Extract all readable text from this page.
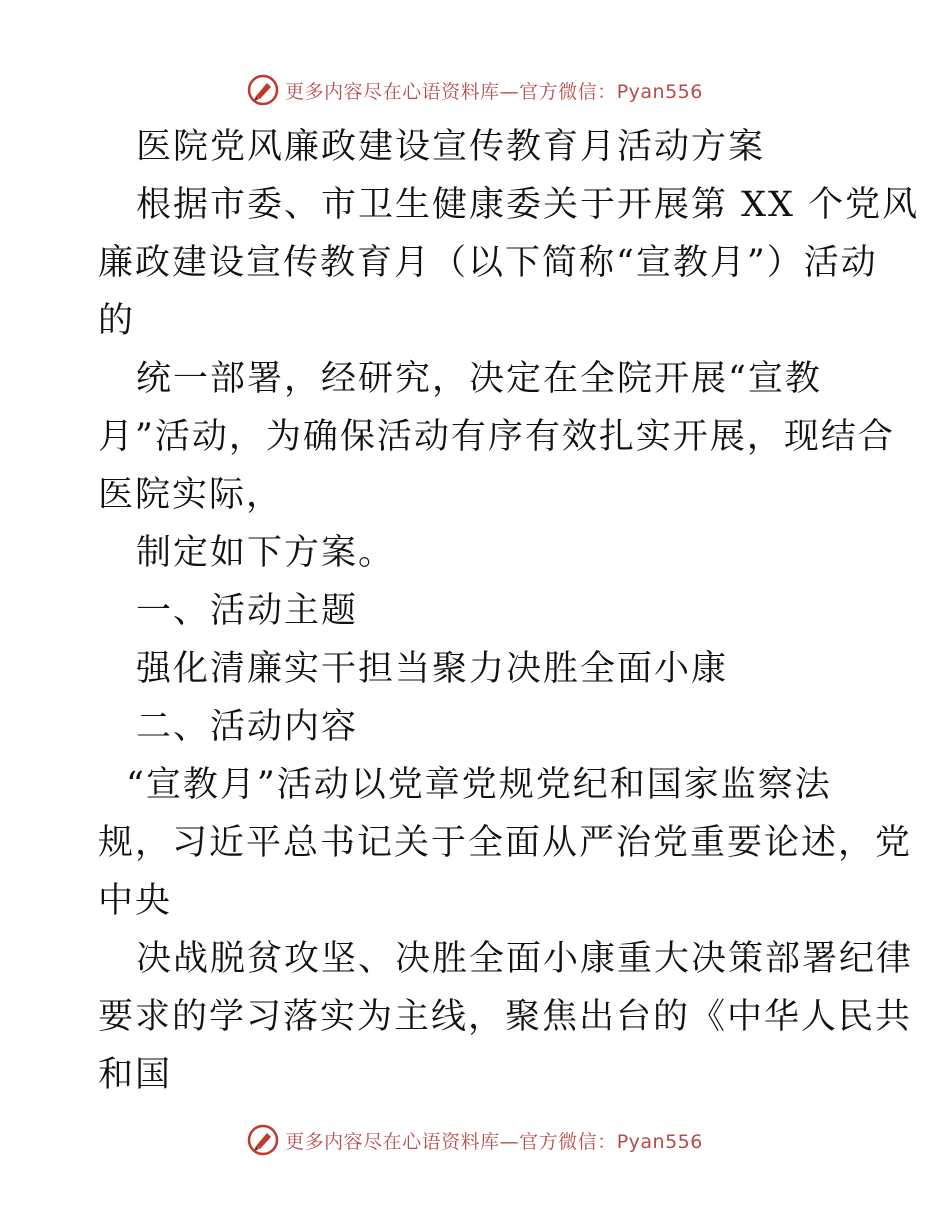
更多内容尽在心语资料库—官方微信：Pyan556
医院党风廉政建设宣传教育月活动方案
根据市委、市卫生健康委关于开展第 XX 个党风
廉政建设宣传教育月（以下简称“宣教月”）活动
的
统一部署，经研究，决定在全院开展“宣教
月”活动，为确保活动有序有效扎实开展，现结合
医院实际，
制定如下方案。
一、活动主题
强化清廉实干担当聚力决胜全面小康
二、活动内容
“宣教月”活动以党章党规党纪和国家监察法
规，习近平总书记关于全面从严治党重要论述，党
中央
决战脱贫攻坚、决胜全面小康重大决策部署纪律
要求的学习落实为主线，聚焦出台的《中华人民共
和国
更多内容尽在心语资料库—官方微信：Pyan556
